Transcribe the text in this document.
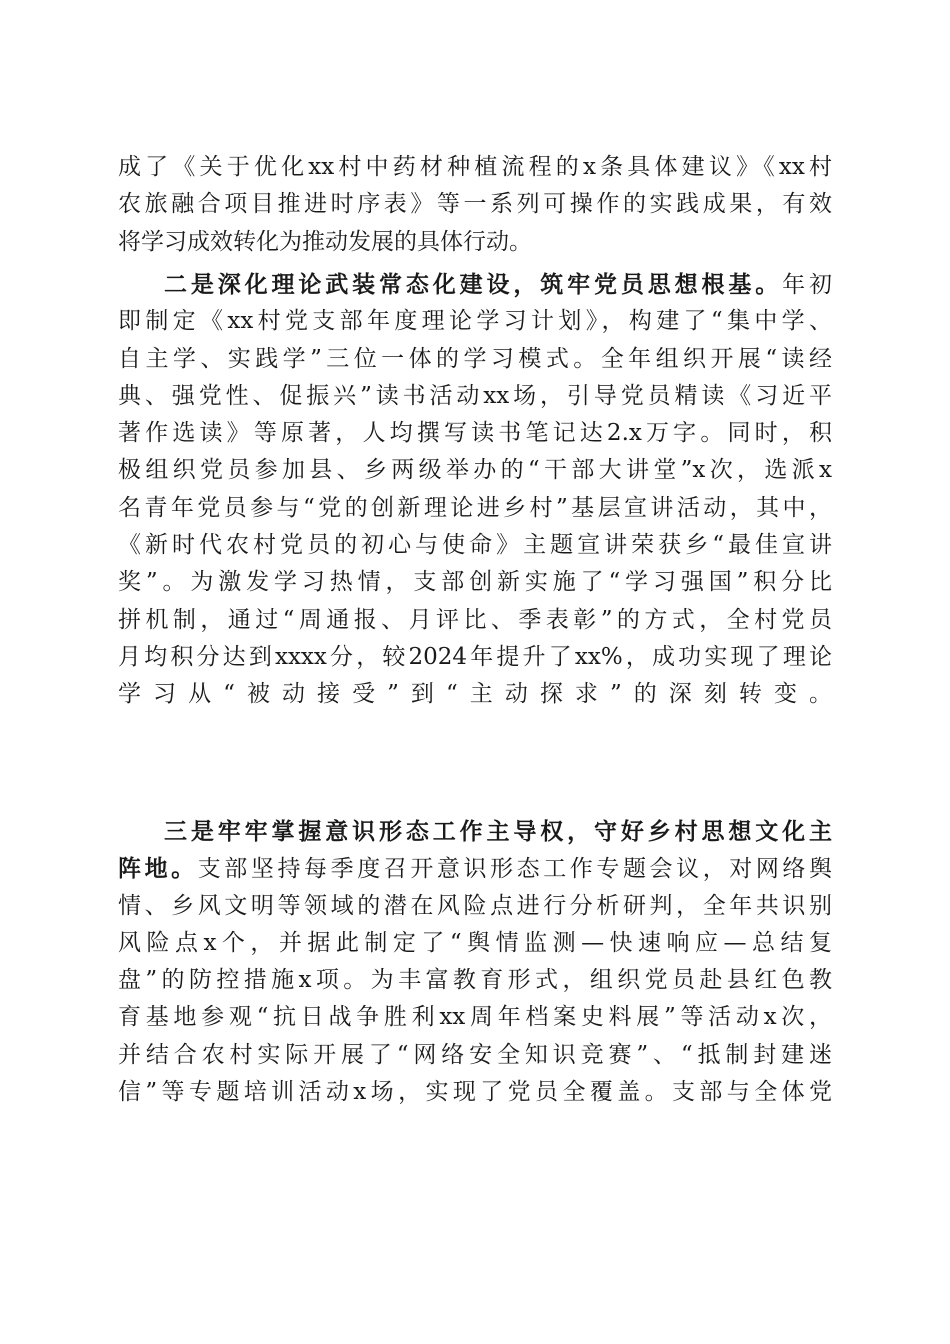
成了《关于优化xx村中药材种植流程的x条具体建议》《xx村
农旅融合项目推进时序表》等一系列可操作的实践成果，有效
将学习成效转化为推动发展的具体行动。
二是深化理论武装常态化建设，筑牢党员思想根基。年初
即制定《xx村党支部年度理论学习计划》，构建了“集中学、
自主学、实践学”三位一体的学习模式。全年组织开展“读经
典、强党性、促振兴”读书活动xx场，引导党员精读《习近平
著作选读》等原著，人均撰写读书笔记达2.x万字。同时，积
极组织党员参加县、乡两级举办的“干部大讲堂”x次，选派x
名青年党员参与“党的创新理论进乡村”基层宣讲活动，其中，
《新时代农村党员的初心与使命》主题宣讲荣获乡“最佳宣讲
奖”。为激发学习热情，支部创新实施了“学习强国”积分比
拼机制，通过“周通报、月评比、季表彰”的方式，全村党员
月均积分达到xxxx分，较2024年提升了xx%，成功实现了理论
学习从“被动接受”到“主动探求”的深刻转变。
三是牢牢掌握意识形态工作主导权，守好乡村思想文化主
阵地。支部坚持每季度召开意识形态工作专题会议，对网络舆
情、乡风文明等领域的潜在风险点进行分析研判，全年共识别
风险点x个，并据此制定了“舆情监测—快速响应—总结复
盘”的防控措施x项。为丰富教育形式，组织党员赴县红色教
育基地参观“抗日战争胜利xx周年档案史料展”等活动x次，
并结合农村实际开展了“网络安全知识竞赛”、“抵制封建迷
信”等专题培训活动x场，实现了党员全覆盖。支部与全体党
